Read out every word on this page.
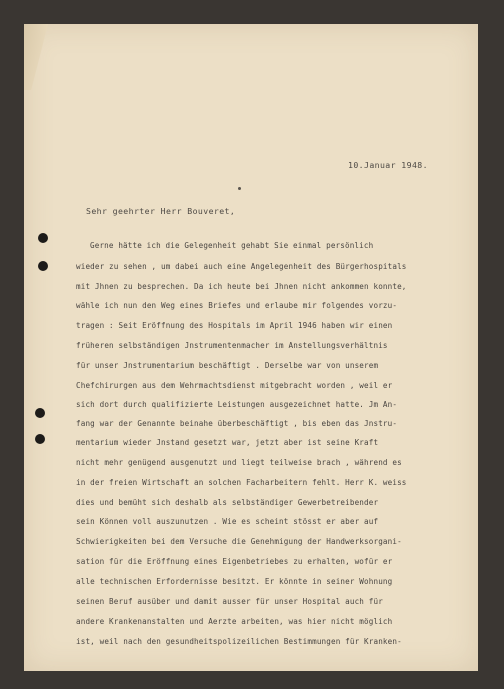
10.Januar 1948.
Sehr geehrter Herr Bouveret,
Gerne hätte ich die Gelegenheit gehabt Sie einmal persönlich
wieder zu sehen , um dabei auch eine Angelegenheit des Bürgerhospitals
mit Jhnen zu besprechen. Da ich heute bei Jhnen nicht ankommen konnte,
wähle ich nun den Weg eines Briefes und erlaube mir folgendes vorzu-
tragen : Seit Eröffnung des Hospitals im April 1946 haben wir einen
früheren selbständigen Jnstrumentenmacher im Anstellungsverhältnis
für unser Jnstrumentarium beschäftigt . Derselbe war von unserem
Chefchirurgen aus dem Wehrmachtsdienst mitgebracht worden , weil er
sich dort durch qualifizierte Leistungen ausgezeichnet hatte. Jm An-
fang war der Genannte beinahe überbeschäftigt , bis eben das Jnstru-
mentarium wieder Jnstand gesetzt war, jetzt aber ist seine Kraft
nicht mehr genügend ausgenutzt und liegt teilweise brach , während es
in der freien Wirtschaft an solchen Facharbeitern fehlt. Herr K. weiss
dies und bemüht sich deshalb als selbständiger Gewerbetreibender
sein Können voll auszunutzen . Wie es scheint stösst er aber auf
Schwierigkeiten bei dem Versuche die Genehmigung der Handwerksorgani-
sation für die Eröffnung eines Eigenbetriebes zu erhalten, wofür er
alle technischen Erfordernisse besitzt. Er könnte in seiner Wohnung
seinen Beruf ausüber und damit ausser für unser Hospital auch für
andere Krankenanstalten und Aerzte arbeiten, was hier nicht möglich
ist, weil nach den gesundheitspolizeilichen Bestimmungen für Kranken-
